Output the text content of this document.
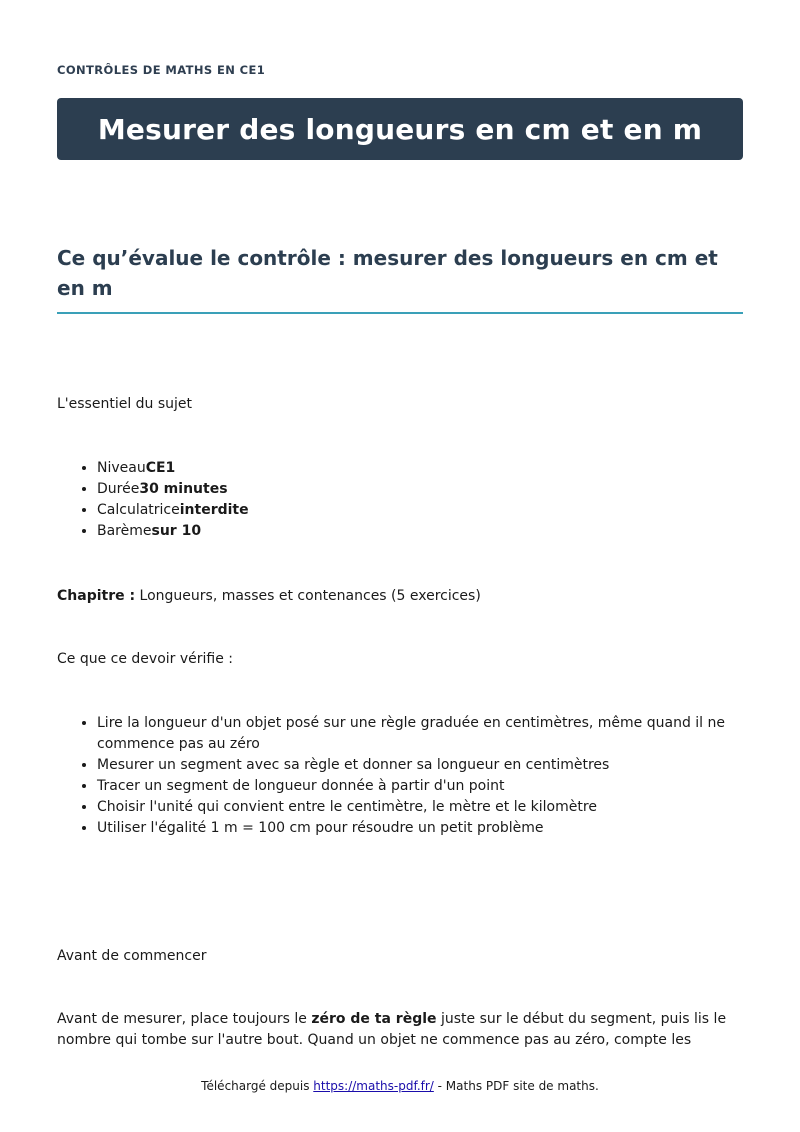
CONTRÔLES DE MATHS EN CE1
Mesurer des longueurs en cm et en m
Ce qu’évalue le contrôle : mesurer des longueurs en cm et en m

L'essentiel du sujet

• NiveauCE1
• Durée30 minutes
• Calculatriceinterdite
• Barèmesur 10

Chapitre : Longueurs, masses et contenances (5 exercices)

Ce que ce devoir vérifie :

• Lire la longueur d'un objet posé sur une règle graduée en centimètres, même quand il ne commence pas au zéro
• Mesurer un segment avec sa règle et donner sa longueur en centimètres
• Tracer un segment de longueur donnée à partir d'un point
• Choisir l'unité qui convient entre le centimètre, le mètre et le kilomètre
• Utiliser l'égalité 1 m = 100 cm pour résoudre un petit problème

Avant de commencer

Avant de mesurer, place toujours le zéro de ta règle juste sur le début du segment, puis lis le nombre qui tombe sur l'autre bout. Quand un objet ne commence pas au zéro, compte les

Téléchargé depuis https://maths-pdf.fr/ - Maths PDF site de maths.
